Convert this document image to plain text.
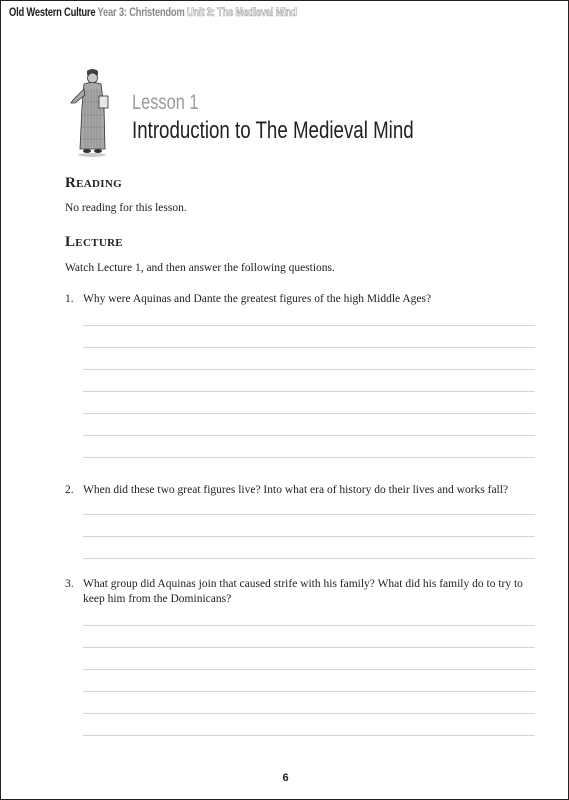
Old Western Culture Year 3: Christendom Unit 3: The Medieval Mind
Lesson 1
Introduction to The Medieval Mind
Reading
No reading for this lesson.
Lecture
Watch Lecture 1, and then answer the following questions.
1. Why were Aquinas and Dante the greatest figures of the high Middle Ages?
2. When did these two great figures live? Into what era of history do their lives and works fall?
3. What group did Aquinas join that caused strife with his family? What did his family do to try to keep him from the Dominicans?
6
